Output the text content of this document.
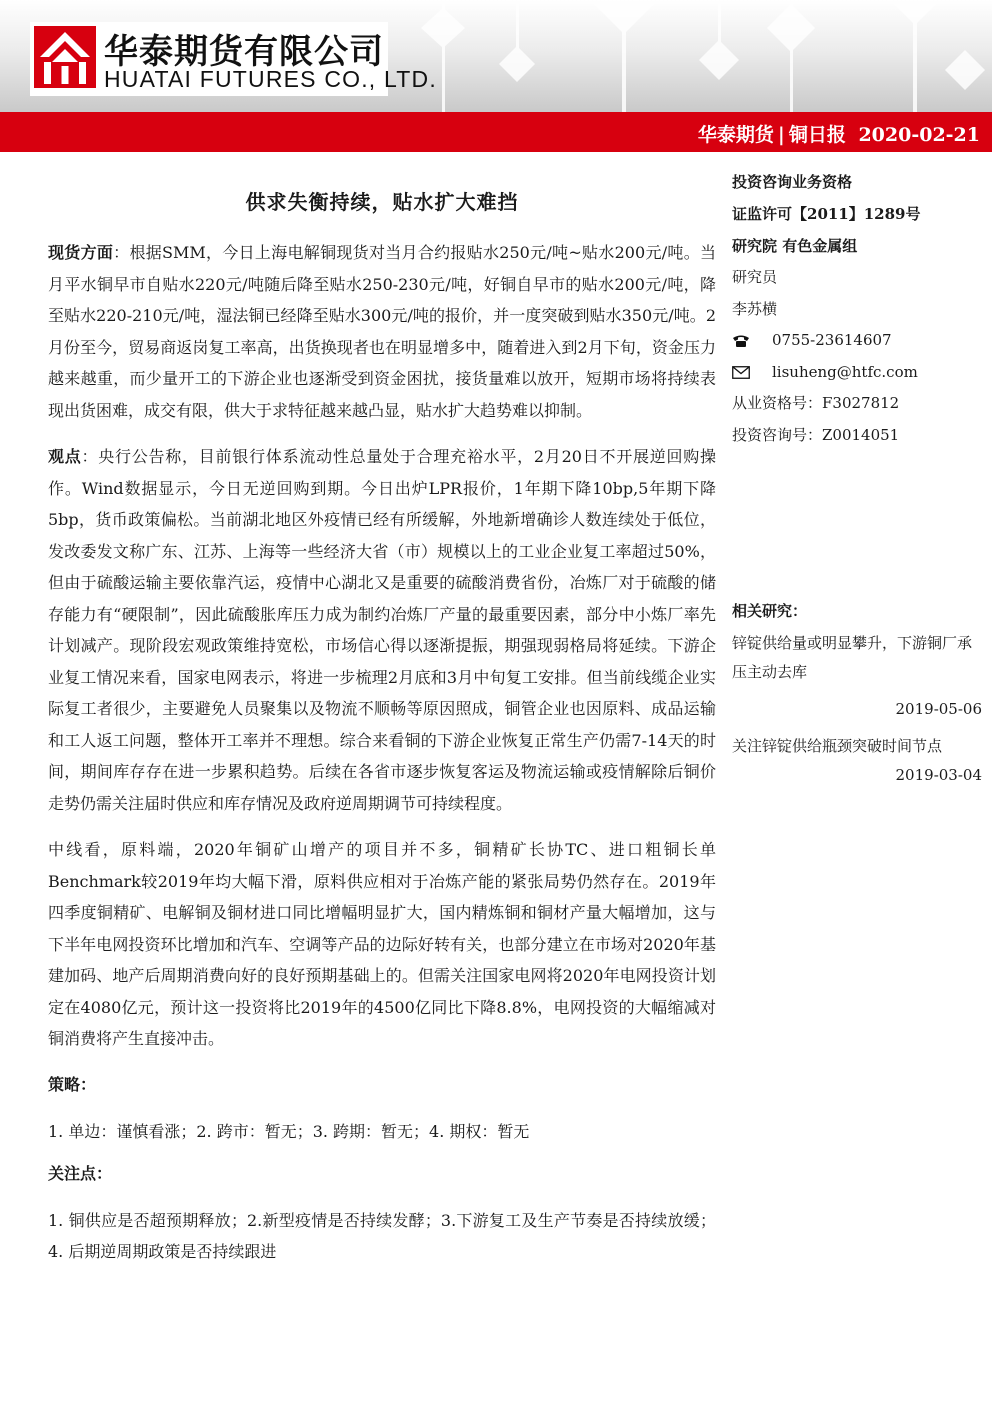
华泰期货有限公司
HUATAI FUTURES CO., LTD.
华泰期货 | 铜日报 2020-02-21
供求失衡持续，贴水扩大难挡

现货方面：根据SMM，今日上海电解铜现货对当月合约报贴水250元/吨~贴水200元/吨。当月平水铜早市自贴水220元/吨随后降至贴水250-230元/吨，好铜自早市的贴水200元/吨，降至贴水220-210元/吨，湿法铜已经降至贴水300元/吨的报价，并一度突破到贴水350元/吨。2月份至今，贸易商返岗复工率高，出货换现者也在明显增多中，随着进入到2月下旬，资金压力越来越重，而少量开工的下游企业也逐渐受到资金困扰，接货量难以放开，短期市场将持续表现出货困难，成交有限，供大于求特征越来越凸显，贴水扩大趋势难以抑制。

观点：央行公告称，目前银行体系流动性总量处于合理充裕水平，2月20日不开展逆回购操作。Wind数据显示，今日无逆回购到期。今日出炉LPR报价，1年期下降10bp,5年期下降5bp，货币政策偏松。当前湖北地区外疫情已经有所缓解，外地新增确诊人数连续处于低位，发改委发文称广东、江苏、上海等一些经济大省（市）规模以上的工业企业复工率超过50%，但由于硫酸运输主要依靠汽运，疫情中心湖北又是重要的硫酸消费省份，冶炼厂对于硫酸的储存能力有“硬限制”，因此硫酸胀库压力成为制约冶炼厂产量的最重要因素，部分中小炼厂率先计划减产。现阶段宏观政策维持宽松，市场信心得以逐渐提振，期强现弱格局将延续。下游企业复工情况来看，国家电网表示，将进一步梳理2月底和3月中旬复工安排。但当前线缆企业实际复工者很少，主要避免人员聚集以及物流不顺畅等原因照成，铜管企业也因原料、成品运输和工人返工问题，整体开工率并不理想。综合来看铜的下游企业恢复正常生产仍需7-14天的时间，期间库存存在进一步累积趋势。后续在各省市逐步恢复客运及物流运输或疫情解除后铜价走势仍需关注届时供应和库存情况及政府逆周期调节可持续程度。

中线看，原料端，2020年铜矿山增产的项目并不多，铜精矿长协TC、进口粗铜长单Benchmark较2019年均大幅下滑，原料供应相对于冶炼产能的紧张局势仍然存在。2019年四季度铜精矿、电解铜及铜材进口同比增幅明显扩大，国内精炼铜和铜材产量大幅增加，这与下半年电网投资环比增加和汽车、空调等产品的边际好转有关，也部分建立在市场对2020年基建加码、地产后周期消费向好的良好预期基础上的。但需关注国家电网将2020年电网投资计划定在4080亿元，预计这一投资将比2019年的4500亿同比下降8.8%，电网投资的大幅缩减对铜消费将产生直接冲击。

策略：
1. 单边：谨慎看涨；2. 跨市：暂无；3. 跨期：暂无；4. 期权：暂无
关注点：
1. 铜供应是否超预期释放；2.新型疫情是否持续发酵；3.下游复工及生产节奏是否持续放缓；4. 后期逆周期政策是否持续跟进
投资咨询业务资格
证监许可【2011】1289号
研究院 有色金属组
研究员
李苏横
0755-23614607
lisuheng@htfc.com
从业资格号：F3027812
投资咨询号：Z0014051
相关研究：
锌锭供给量或明显攀升，下游铜厂承压主动去库
2019-05-06
关注锌锭供给瓶颈突破时间节点
2019-03-04
